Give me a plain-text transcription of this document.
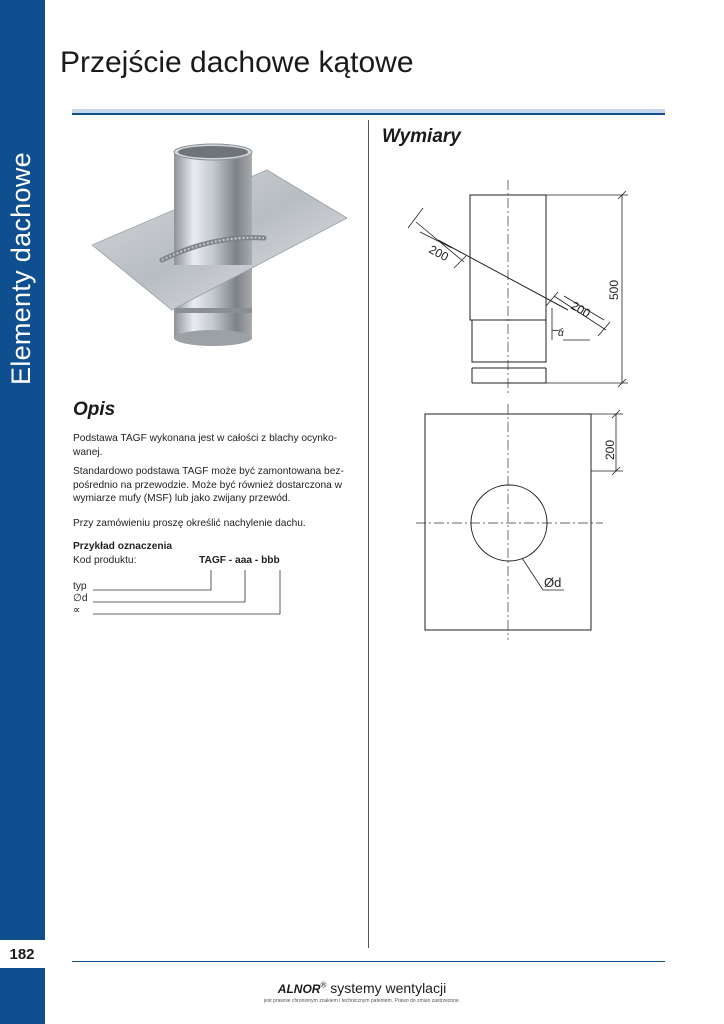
Elementy dachowe
Przejście dachowe kątowe
Opis
Podstawa TAGF wykonana jest w całości z blachy ocynko-wanej.
Standardowo podstawa TAGF może być zamontowana bez-pośrednio na przewodzie. Może być również dostarczona w wymiarze mufy (MSF) lub jako zwijany przewód.
Przy zamówieniu proszę określić nachylenie dachu.
Przykład oznaczenia
Kod produktu:	TAGF - aaa - bbb
typ
∅d
∝
Wymiary
200
200
α
500
200
Ød
182
ALNOR® systemy wentylacji
jest prawnie chronionym znakiem i technicznym patentem. Prawo do zmian zastrzeżone.
